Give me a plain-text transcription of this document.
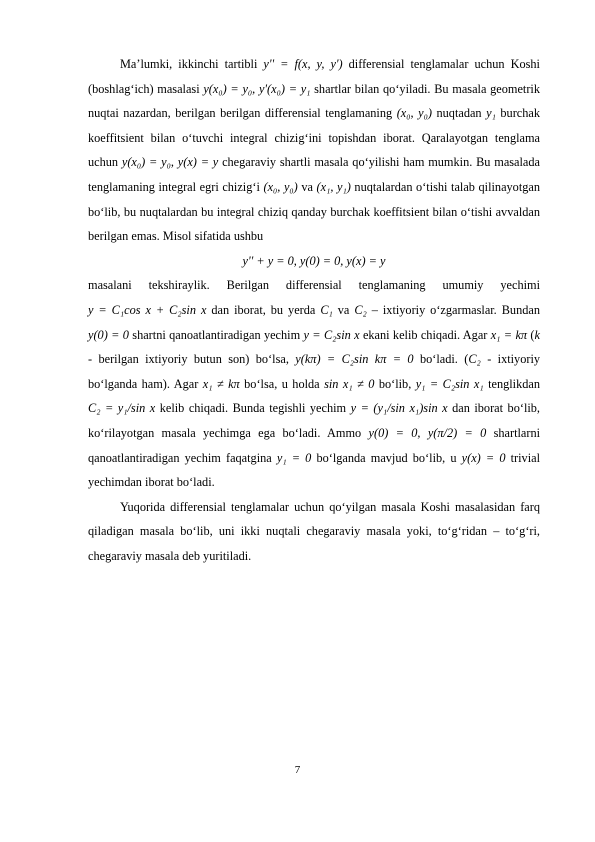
Ma’lumki, ikkinchi tartibli y'' = f(x, y, y') differensial tenglamalar uchun Koshi (boshlag‘ich) masalasi y(x₀) = y₀, y'(x₀) = y₁ shartlar bilan qo‘yiladi. Bu masala geometrik nuqtai nazardan, berilgan berilgan differensial tenglamaning (x₀, y₀) nuqtadan y₁ burchak koeffitsient bilan o‘tuvchi integral chizig‘ini topishdan iborat. Qaralayotgan tenglama uchun y(x₀) = y₀, y(x) = y chegaraviy shartli masala qo‘yilishi ham mumkin. Bu masalada tenglamaning integral egri chizig‘i (x₀, y₀) va (x₁, y₁) nuqtalardan o‘tishi talab qilinayotgan bo‘lib, bu nuqtalardan bu integral chiziq qanday burchak koeffitsient bilan o‘tishi avvaldan berilgan emas. Misol sifatida ushbu

y'' + y = 0, y(0) = 0, y(x) = y

masalani tekshiraylik. Berilgan differensial tenglamaning umumiy yechimi y = C₁cos x + C₂sin x dan iborat, bu yerda C₁ va C₂ – ixtiyoriy o‘zgarmaslar. Bundan y(0) = 0 shartni qanoatlantiradigan yechim y = C₂sin x ekani kelib chiqadi. Agar x₁ = kπ (k - berilgan ixtiyoriy butun son) bo‘lsa, y(kπ) = C₂sin kπ = 0 bo‘ladi. (C₂ - ixtiyoriy bo‘lganda ham). Agar x₁ ≠ kπ bo‘lsa, u holda sin x₁ ≠ 0 bo‘lib, y₁ = C₂sin x₁ tenglikdan C₂ = y₁/sin x kelib chiqadi. Bunda tegishli yechim y = (y₁/sin x₁)sin x dan iborat bo‘lib, ko‘rilayotgan masala yechimga ega bo‘ladi. Ammo y(0) = 0, y(π/2) = 0 shartlarni qanoatlantiradigan yechim faqatgina y₁ = 0 bo‘lganda mavjud bo‘lib, u y(x) = 0 trivial yechimdan iborat bo‘ladi.

Yuqorida differensial tenglamalar uchun qo‘yilgan masala Koshi masalasidan farq qiladigan masala bo‘lib, uni ikki nuqtali chegaraviy masala yoki, to‘g‘ridan – to‘g‘ri, chegaraviy masala deb yuritiladi.

7
